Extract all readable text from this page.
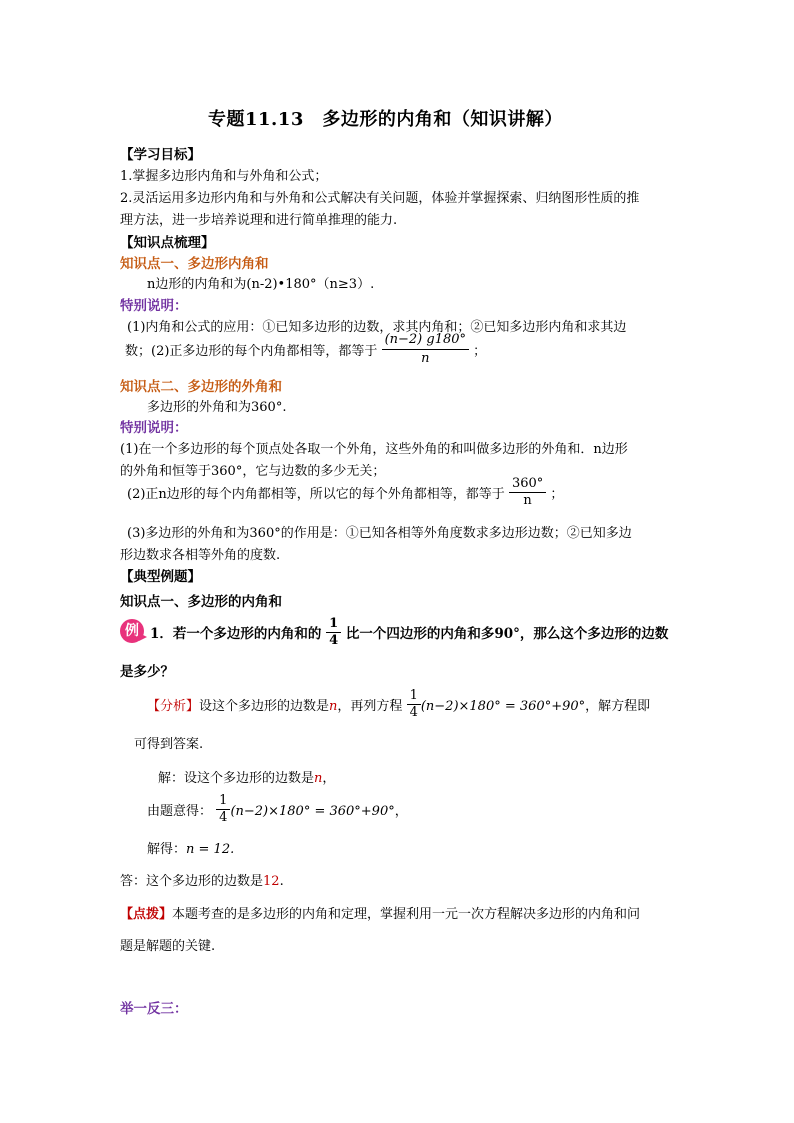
专题11.13　多边形的内角和（知识讲解）
【学习目标】
1.掌握多边形内角和与外角和公式；
2.灵活运用多边形内角和与外角和公式解决有关问题，体验并掌握探索、归纳图形性质的推
理方法，进一步培养说理和进行简单推理的能力.
【知识点梳理】
知识点一、多边形内角和
n边形的内角和为(n-2)•180°（n≥3）.
特别说明：
(1)内角和公式的应用：①已知多边形的边数，求其内角和；②已知多边形内角和求其边
数；(2)正多边形的每个内角都相等，都等于 $\frac{(n-2) g180^\circ}{n}$ ；
知识点二、多边形的外角和
多边形的外角和为360°.
特别说明：
(1)在一个多边形的每个顶点处各取一个外角，这些外角的和叫做多边形的外角和．n边形
的外角和恒等于360°，它与边数的多少无关；
(2)正n边形的每个内角都相等，所以它的每个外角都相等，都等于 $\frac{360^\circ}{n}$ ；
(3)多边形的外角和为360°的作用是：①已知各相等外角度数求多边形边数；②已知多边
形边数求各相等外角的度数.
【典型例题】
知识点一、多边形的内角和
例 1．若一个多边形的内角和的 $\frac{1}{4}$ 比一个四边形的内角和多90°，那么这个多边形的边数
是多少？
【分析】设这个多边形的边数是n，再列方程 $\frac{1}{4} (n-2)\times 180^\circ = 360^\circ+90^\circ$，解方程即
可得到答案.
解：设这个多边形的边数是n，
由题意得： $\frac{1}{4} (n-2)\times 180^\circ = 360^\circ+90^\circ$，
解得：n = 12.
答：这个多边形的边数是12.
【点拨】本题考查的是多边形的内角和定理，掌握利用一元一次方程解决多边形的内角和问
题是解题的关键.
举一反三：
